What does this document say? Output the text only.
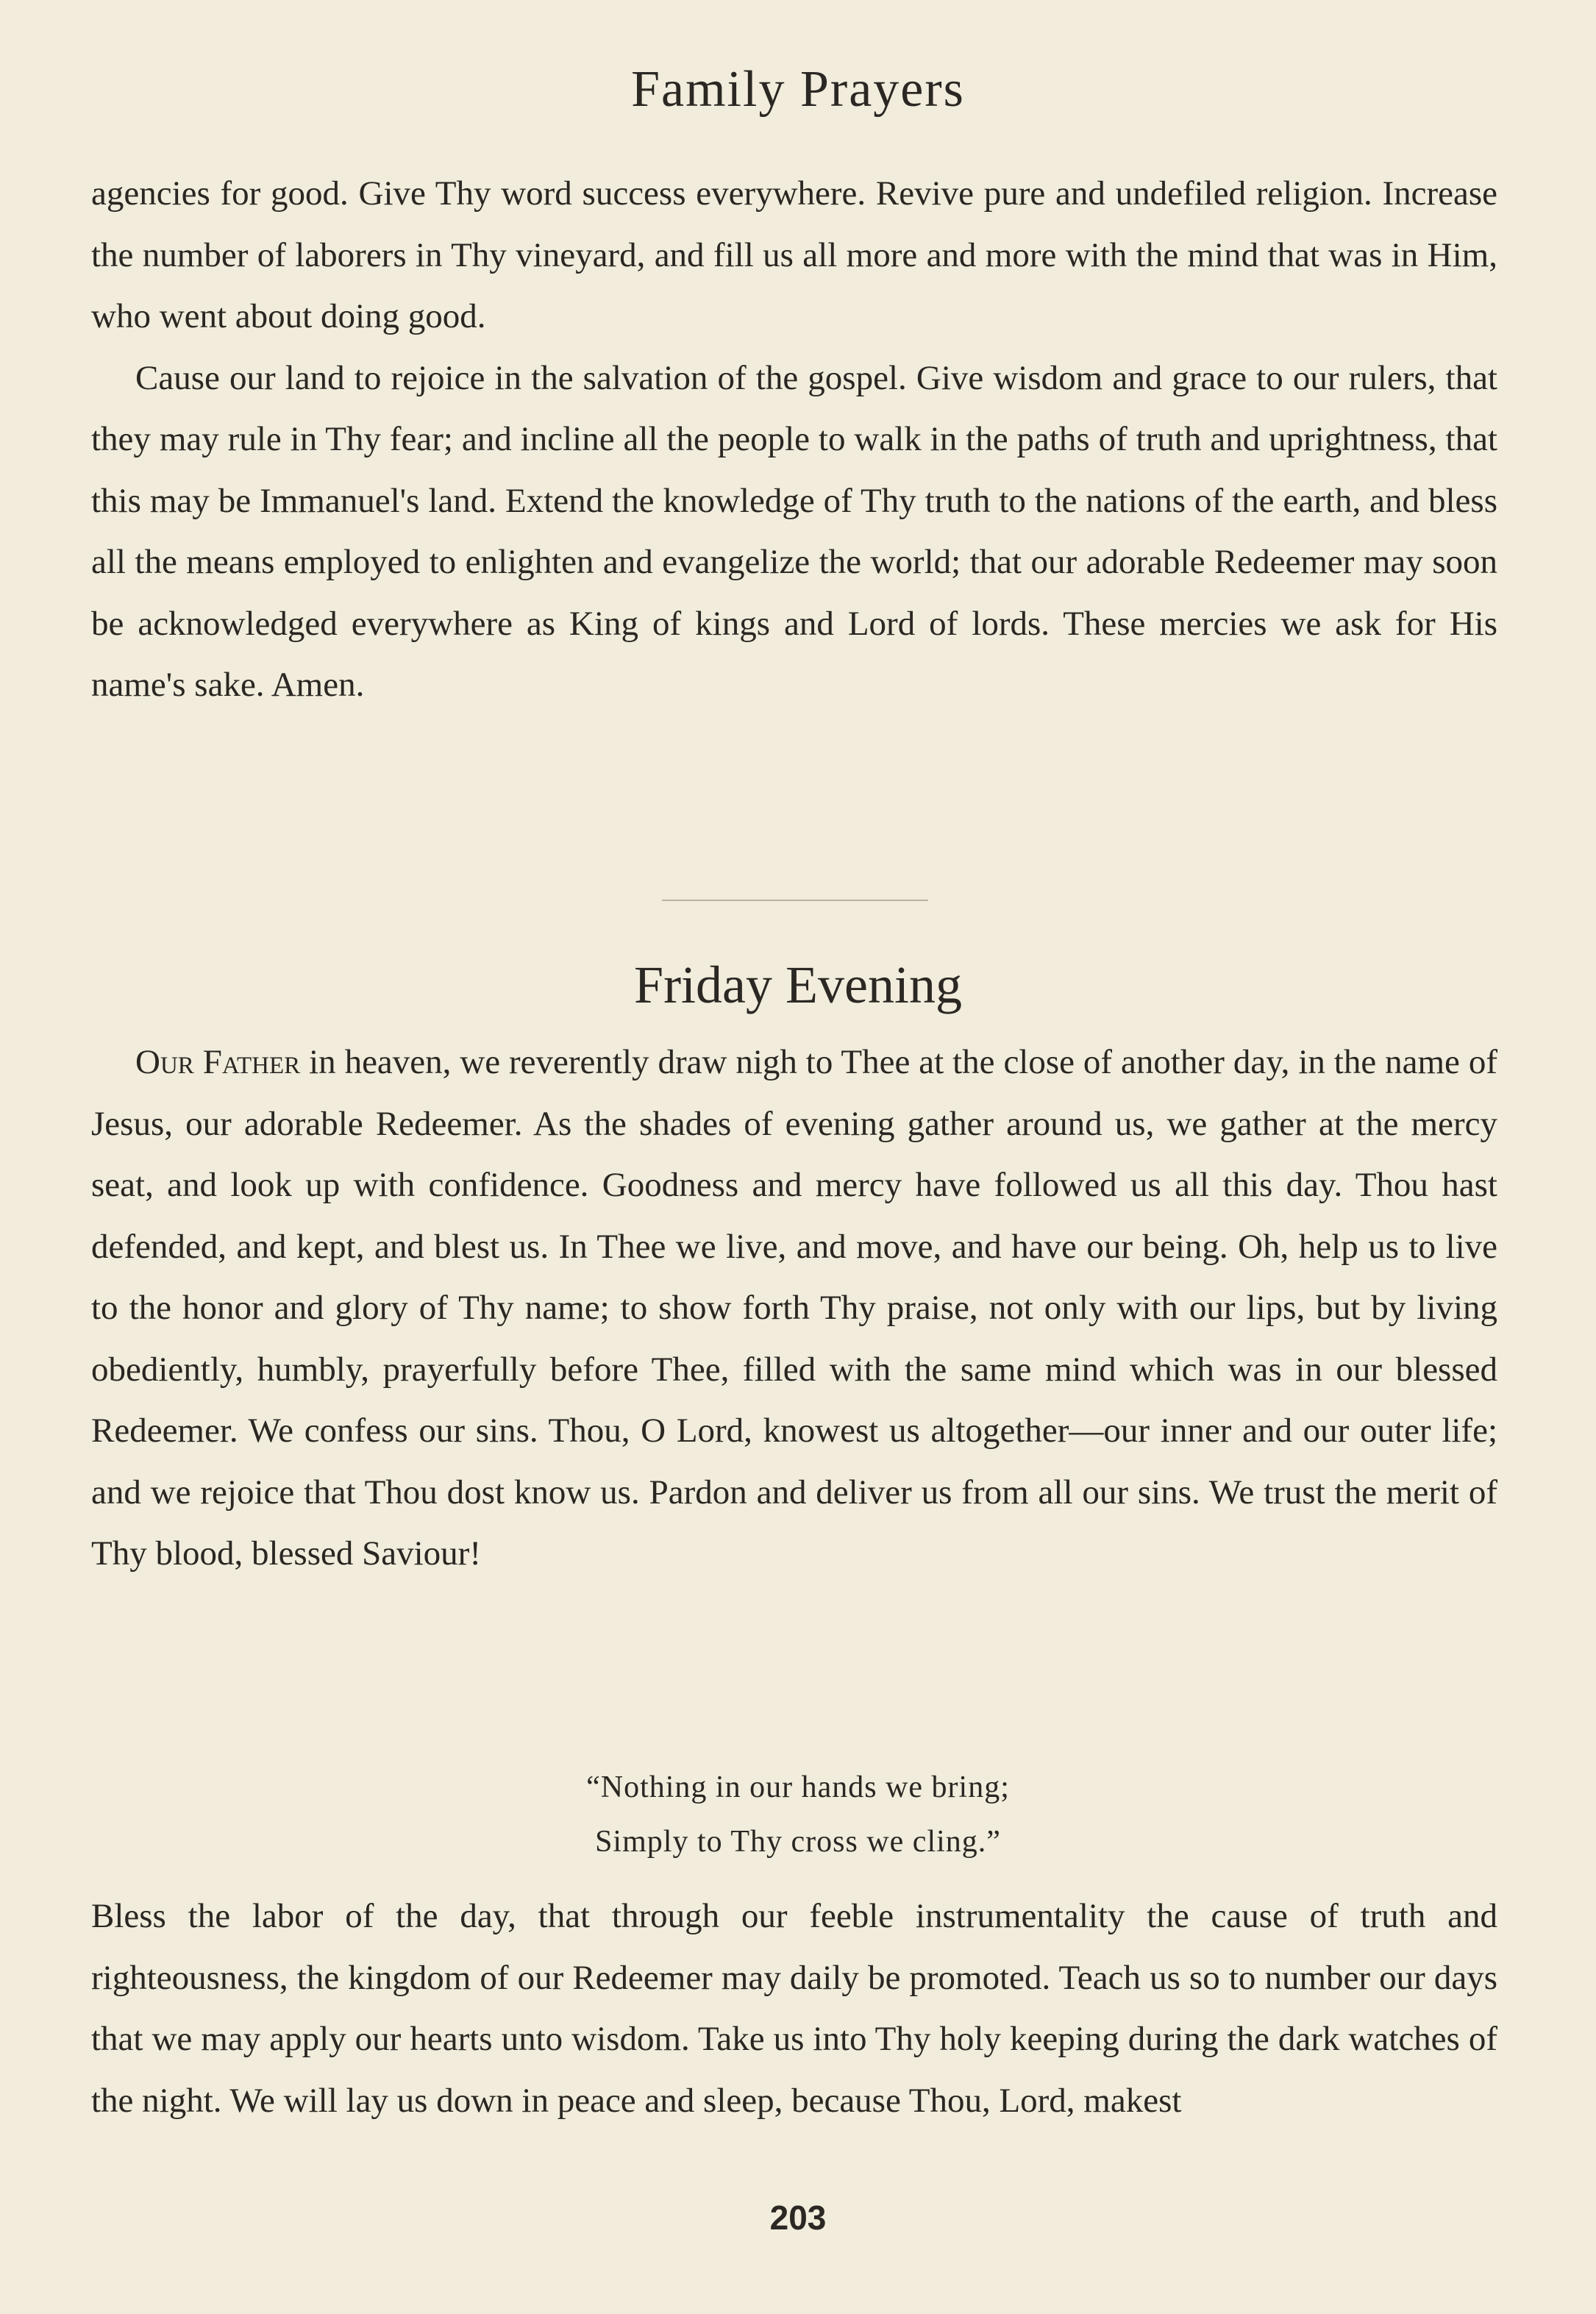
Family Prayers

agencies for good. Give Thy word success everywhere. Revive pure and undefiled religion. Increase the number of laborers in Thy vineyard, and fill us all more and more with the mind that was in Him, who went about doing good.

Cause our land to rejoice in the salvation of the gospel. Give wisdom and grace to our rulers, that they may rule in Thy fear; and incline all the people to walk in the paths of truth and uprightness, that this may be Immanuel's land. Extend the knowledge of Thy truth to the nations of the earth, and bless all the means employed to enlighten and evangelize the world; that our adorable Redeemer may soon be acknowledged everywhere as King of kings and Lord of lords. These mercies we ask for His name's sake. Amen.

Friday Evening

Our Father in heaven, we reverently draw nigh to Thee at the close of another day, in the name of Jesus, our adorable Redeemer. As the shades of evening gather around us, we gather at the mercy seat, and look up with confidence. Goodness and mercy have followed us all this day. Thou hast defended, and kept, and blest us. In Thee we live, and move, and have our being. Oh, help us to live to the honor and glory of Thy name; to show forth Thy praise, not only with our lips, but by living obediently, humbly, prayerfully before Thee, filled with the same mind which was in our blessed Redeemer. We confess our sins. Thou, O Lord, knowest us altogether—our inner and our outer life; and we rejoice that Thou dost know us. Pardon and deliver us from all our sins. We trust the merit of Thy blood, blessed Saviour!

“Nothing in our hands we bring;
Simply to Thy cross we cling.”

Bless the labor of the day, that through our feeble instrumentality the cause of truth and righteousness, the kingdom of our Redeemer may daily be promoted. Teach us so to number our days that we may apply our hearts unto wisdom. Take us into Thy holy keeping during the dark watches of the night. We will lay us down in peace and sleep, because Thou, Lord, makest

203
